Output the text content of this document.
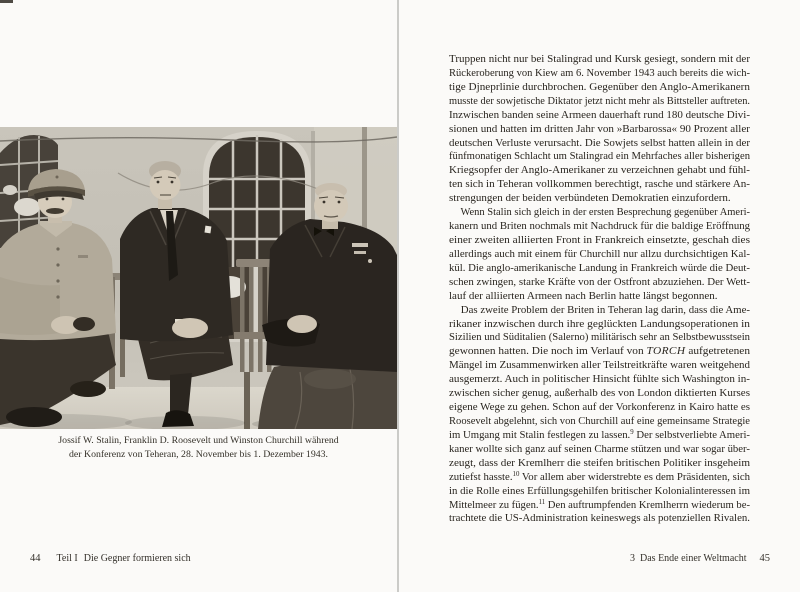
Jossif W. Stalin, Franklin D. Roosevelt und Winston Churchill während
der Konferenz von Teheran, 28. November bis 1. Dezember 1943.
44 Teil I Die Gegner formieren sich
Truppen nicht nur bei Stalingrad und Kursk gesiegt, sondern mit der
Rückeroberung von Kiew am 6. November 1943 auch bereits die wich-
tige Djneprlinie durchbrochen. Gegenüber den Anglo-Amerikanern
musste der sowjetische Diktator jetzt nicht mehr als Bittsteller auftreten.
Inzwischen banden seine Armeen dauerhaft rund 180 deutsche Divi-
sionen und hatten im dritten Jahr von »Barbarossa« 90 Prozent aller
deutschen Verluste verursacht. Die Sowjets selbst hatten allein in der
fünfmonatigen Schlacht um Stalingrad ein Mehrfaches aller bisherigen
Kriegsopfer der Anglo-Amerikaner zu verzeichnen gehabt und fühl-
ten sich in Teheran vollkommen berechtigt, rasche und stärkere An-
strengungen der beiden verbündeten Demokratien einzufordern.
Wenn Stalin sich gleich in der ersten Besprechung gegenüber Ameri-
kanern und Briten nochmals mit Nachdruck für die baldige Eröffnung
einer zweiten alliierten Front in Frankreich einsetzte, geschah dies
allerdings auch mit einem für Churchill nur allzu durchsichtigen Kal-
kül. Die anglo-amerikanische Landung in Frankreich würde die Deut-
schen zwingen, starke Kräfte von der Ostfront abzuziehen. Der Wett-
lauf der alliierten Armeen nach Berlin hatte längst begonnen.
Das zweite Problem der Briten in Teheran lag darin, dass die Ame-
rikaner inzwischen durch ihre geglückten Landungsoperationen in
Sizilien und Süditalien (Salerno) militärisch sehr an Selbstbewusstsein
gewonnen hatten. Die noch im Verlauf von TORCH aufgetretenen
Mängel im Zusammenwirken aller Teilstreitkräfte waren weitgehend
ausgemerzt. Auch in politischer Hinsicht fühlte sich Washington in-
zwischen sicher genug, außerhalb des von London diktierten Kurses
eigene Wege zu gehen. Schon auf der Vorkonferenz in Kairo hatte es
Roosevelt abgelehnt, sich von Churchill auf eine gemeinsame Strategie
im Umgang mit Stalin festlegen zu lassen.$^9$ Der selbstverliebte Ameri-
kaner wollte sich ganz auf seinen Charme stützen und war sogar über-
zeugt, dass der Kremlherr die steifen britischen Politiker insgeheim
zutiefst hasste.$^{10}$ Vor allem aber widerstrebte es dem Präsidenten, sich
in die Rolle eines Erfüllungsgehilfen britischer Kolonialinteressen im
Mittelmeer zu fügen.$^{11}$ Den auftrumpfenden Kremlherrn wiederum be-
trachtete die US-Administration keineswegs als potenziellen Rivalen.
3 Das Ende einer Weltmacht 45
